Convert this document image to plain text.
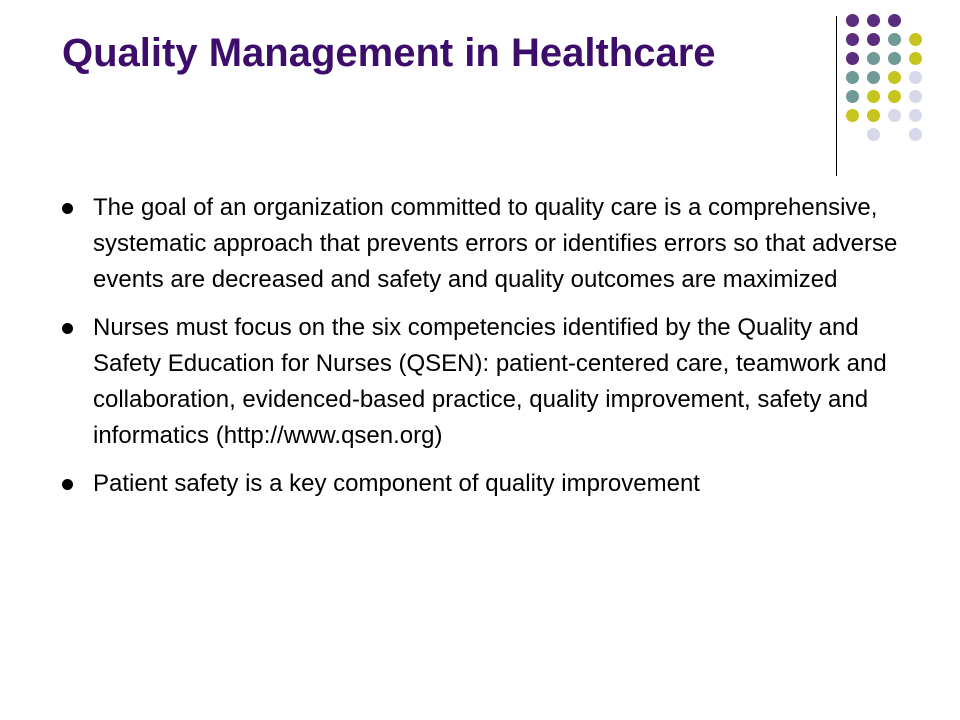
Quality Management in Healthcare
The goal of an organization committed to quality care is a comprehensive, systematic approach that prevents errors or identifies errors so that adverse events are decreased and safety and quality outcomes are maximized
Nurses must focus on the six competencies identified by the Quality and Safety Education for Nurses (QSEN): patient-centered care, teamwork and collaboration, evidenced-based practice, quality improvement, safety and informatics (http://www.qsen.org)
Patient safety is a key component of quality improvement
